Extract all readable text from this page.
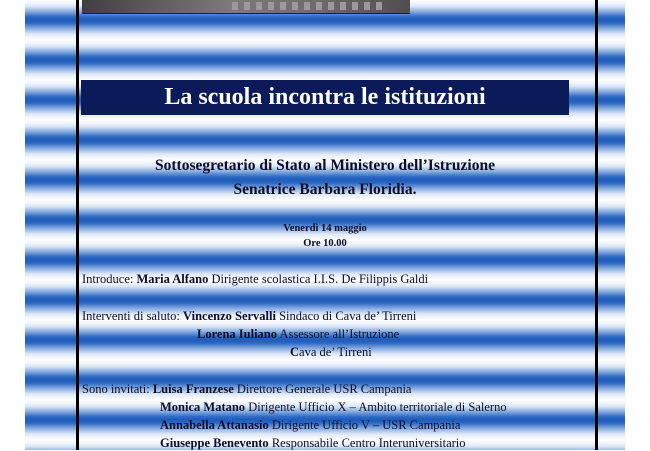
La scuola incontra le istituzioni
Sottosegretario di Stato al Ministero dell’Istruzione
Senatrice Barbara Floridia.
Venerdì 14 maggio
Ore 10.00
Introduce: Maria Alfano Dirigente scolastica I.I.S. De Filippis Galdi
Interventi di saluto: Vincenzo Servalli Sindaco di Cava de’ Tirreni
Lorena Iuliano Assessore all’Istruzione
Cava de’ Tirreni
Sono invitati: Luisa Franzese Direttore Generale USR Campania
Monica Matano Dirigente Ufficio X – Ambito territoriale di Salerno
Annabella Attanasio Dirigente Ufficio V – USR Campania
Giuseppe Benevento Responsabile Centro Interuniversitario
